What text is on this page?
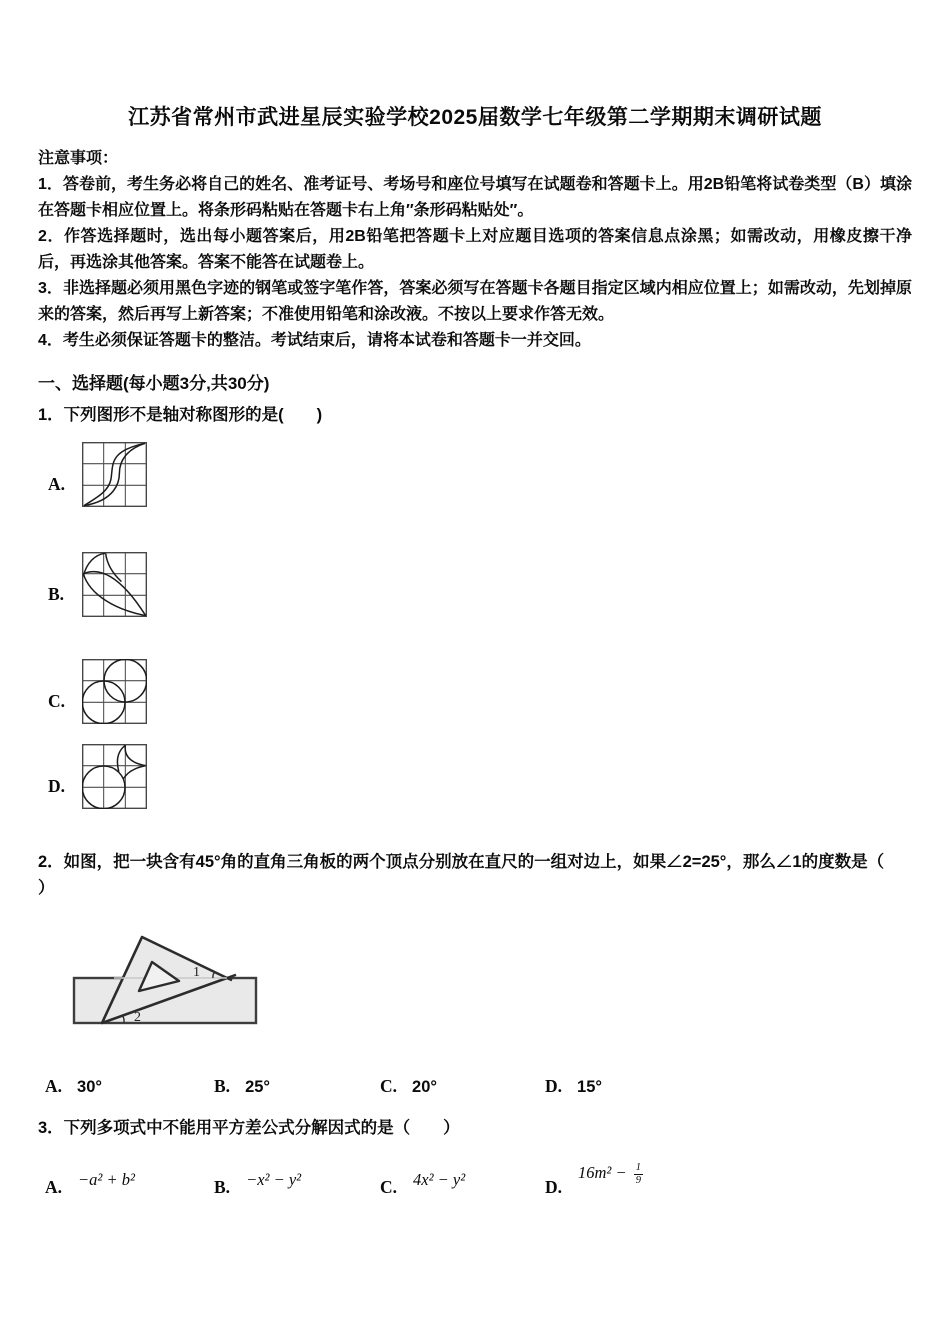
江苏省常州市武进星辰实验学校2025届数学七年级第二学期期末调研试题

注意事项：

1．答卷前，考生务必将自己的姓名、准考证号、考场号和座位号填写在试题卷和答题卡上。用2B铅笔将试卷类型（B）填涂在答题卡相应位置上。将条形码粘贴在答题卡右上角″条形码粘贴处″。

2．作答选择题时，选出每小题答案后，用2B铅笔把答题卡上对应题目选项的答案信息点涂黑；如需改动，用橡皮擦干净后，再选涂其他答案。答案不能答在试题卷上。

3．非选择题必须用黑色字迹的钢笔或签字笔作答，答案必须写在答题卡各题目指定区域内相应位置上；如需改动，先划掉原来的答案，然后再写上新答案；不准使用铅笔和涂改液。不按以上要求作答无效。

4．考生必须保证答题卡的整洁。考试结束后，请将本试卷和答题卡一并交回。

一、选择题(每小题3分,共30分)

1．下列图形不是轴对称图形的是(　　)

A.
B.
C.
D.

2．如图，把一块含有45°角的直角三角板的两个顶点分别放在直尺的一组对边上，如果∠2=25°，那么∠1的度数是（

）

1
2
A. 30°	B. 25°	C. 20°	D. 15°

3．下列多项式中不能用平方差公式分解因式的是（　　）

A. −a² + b²	B. −x² − y²	C. 4x² − y²	D.
$16m^2 - \frac{1}{9}$
